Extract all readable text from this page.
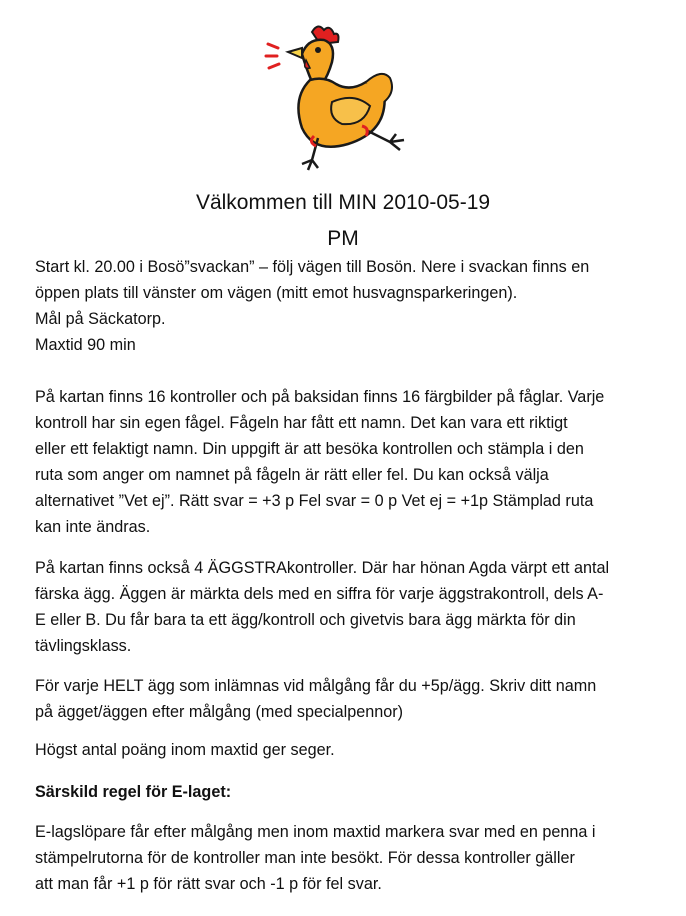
Välkommen till MIN 2010-05-19
PM

Start kl. 20.00 i Bosö”svackan” – följ vägen till Bosön. Nere i svackan finns en
öppen plats till vänster om vägen (mitt emot husvagnsparkeringen).
Mål på Säckatorp.
Maxtid 90 min

På kartan finns 16 kontroller och på baksidan finns 16 färgbilder på fåglar. Varje
kontroll har sin egen fågel. Fågeln har fått ett namn. Det kan vara ett riktigt
eller ett felaktigt namn. Din uppgift är att besöka kontrollen och stämpla i den
ruta som anger om namnet på fågeln är rätt eller fel. Du kan också välja
alternativet ”Vet ej”. Rätt svar = +3 p Fel svar = 0 p Vet ej = +1p Stämplad ruta
kan inte ändras.

På kartan finns också 4 ÄGGSTRAkontroller. Där har hönan Agda värpt ett antal
färska ägg. Äggen är märkta dels med en siffra för varje äggstrakontroll, dels A-
E eller B. Du får bara ta ett ägg/kontroll och givetvis bara ägg märkta för din
tävlingsklass.

För varje HELT ägg som inlämnas vid målgång får du +5p/ägg. Skriv ditt namn
på ägget/äggen efter målgång (med specialpennor)

Högst antal poäng inom maxtid ger seger.

Särskild regel för E-laget:

E-lagslöpare får efter målgång men inom maxtid markera svar med en penna i
stämpelrutorna för de kontroller man inte besökt. För dessa kontroller gäller
att man får +1 p för rätt svar och -1 p för fel svar.
